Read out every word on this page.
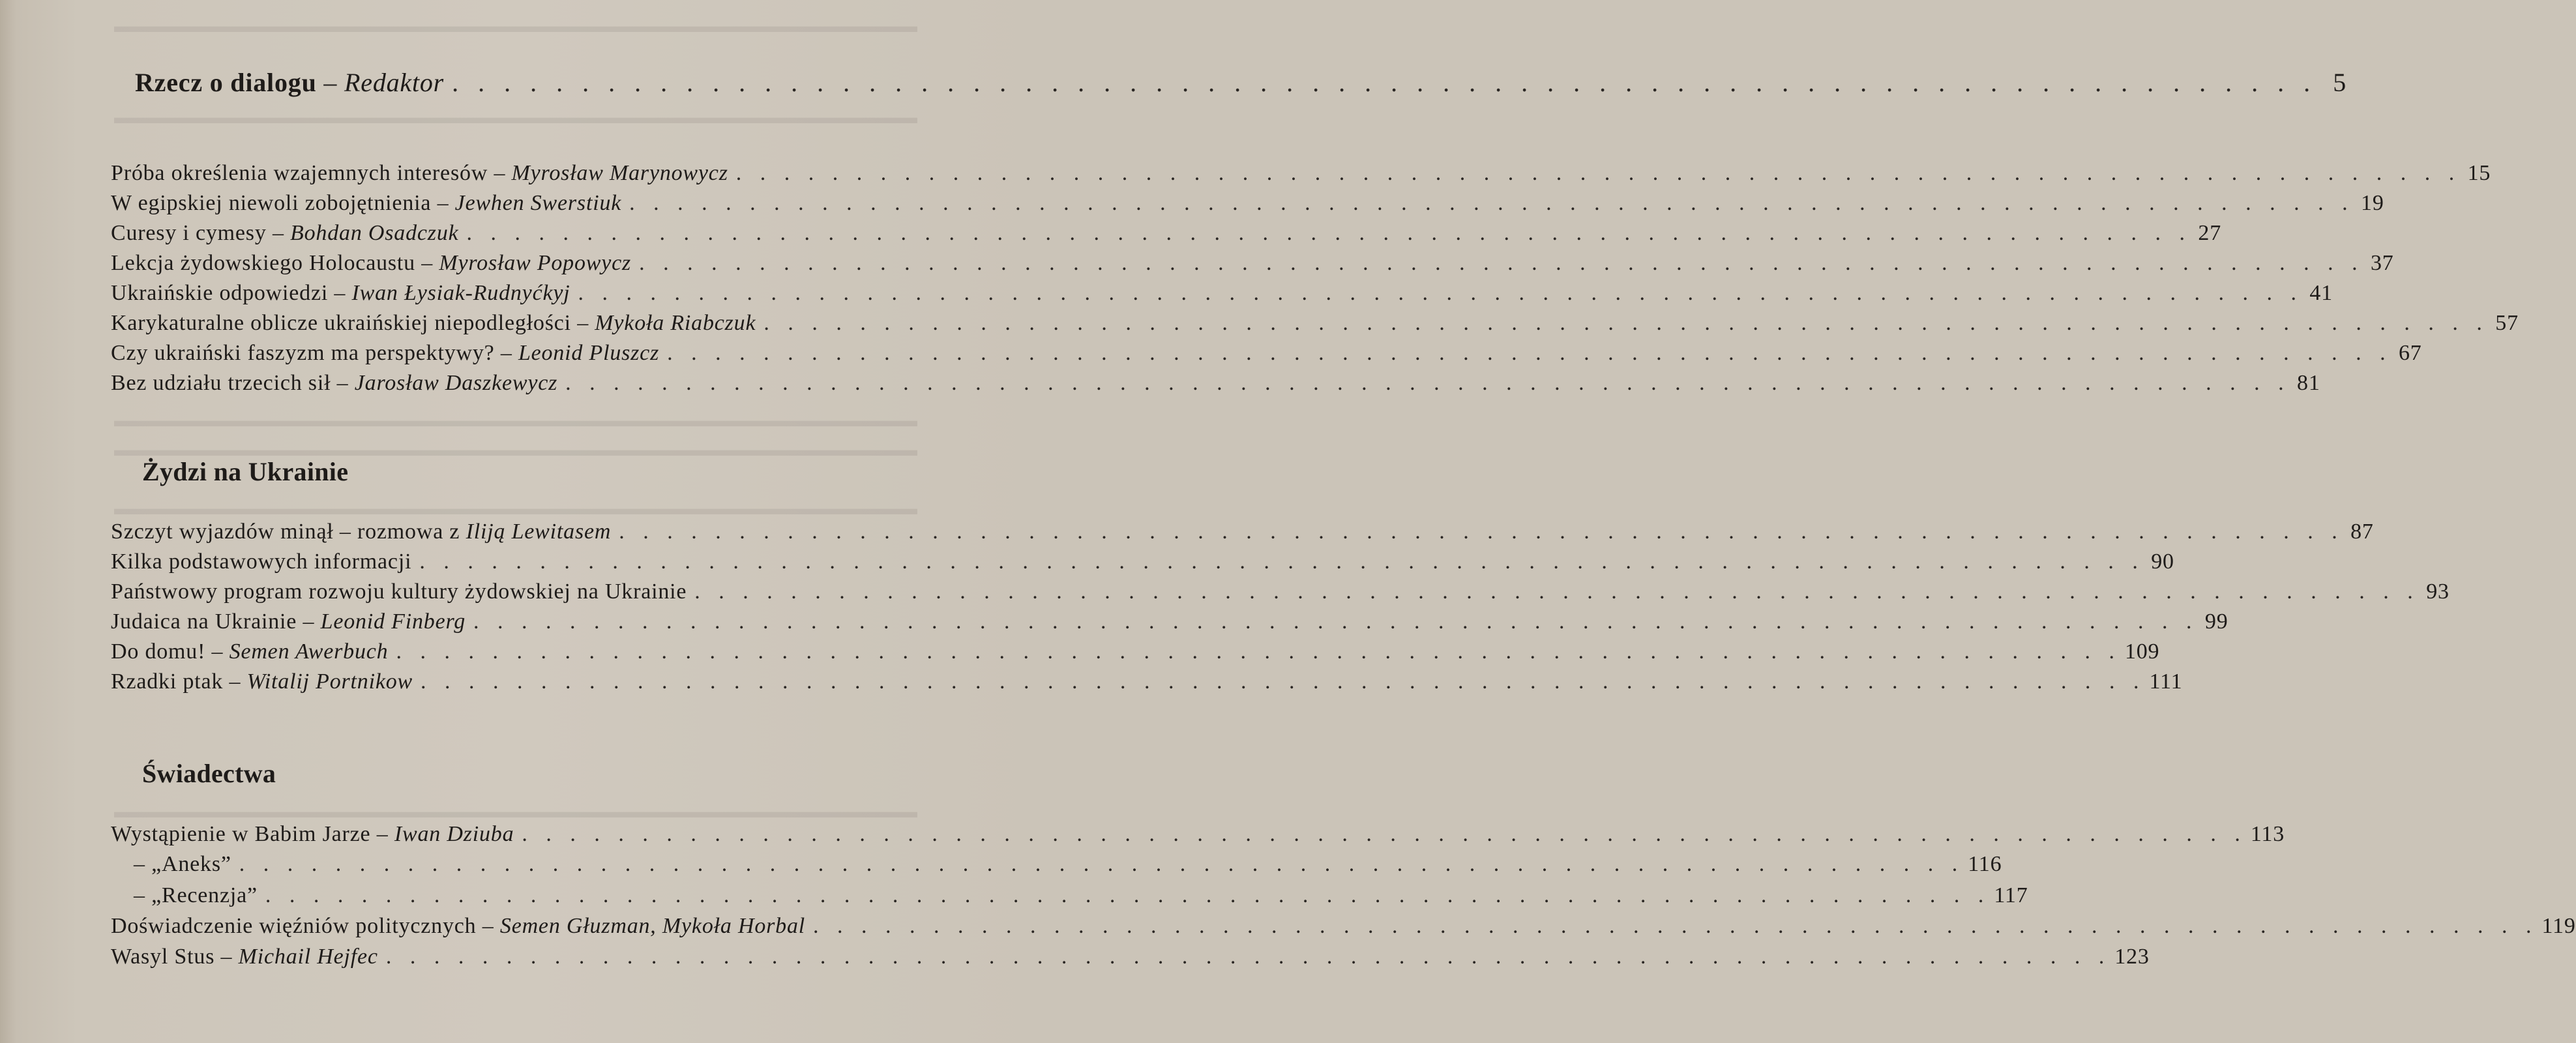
▬▬▬▬▬▬▬▬▬▬▬▬▬▬▬▬▬▬▬▬▬▬▬▬▬▬▬▬▬▬▬▬▬▬▬▬▬▬▬▬▬▬▬▬
▬▬▬▬▬▬▬▬▬▬▬▬▬▬▬▬▬▬▬▬▬▬▬▬▬▬▬▬▬▬▬▬▬▬▬▬▬▬▬▬▬▬▬▬
▬▬▬▬▬▬▬▬▬▬▬▬▬▬▬▬▬▬▬▬▬▬▬▬▬▬▬▬▬▬▬▬▬▬▬▬▬▬▬▬▬▬▬▬
▬▬▬▬▬▬▬▬▬▬▬▬▬▬▬▬▬▬▬▬▬▬▬▬▬▬▬▬▬▬▬▬▬▬▬▬▬▬▬▬▬▬▬▬
▬▬▬▬▬▬▬▬▬▬▬▬▬▬▬▬▬▬▬▬▬▬▬▬▬▬▬▬▬▬▬▬▬▬▬▬▬▬▬▬▬▬▬▬
▬▬▬▬▬▬▬▬▬▬▬▬▬▬▬▬▬▬▬▬▬▬▬▬▬▬▬▬▬▬▬▬▬▬▬▬▬▬▬▬▬▬▬▬
Rzecz o dialogu – Redaktor . . . . . . . . . . . . . . . . . . . . . . . . . . . . . . . . . . . . . . . . . . . . . . . . . . . . . . . . . . . . . . . . . . . . . . . . 5
Próba określenia wzajemnych interesów – Myrosław Marynowycz . . . . . . . . . . . . . . . . . . . . . . . . . . . . . . . . . . . . . . . . . . . . . . . . . . . . . . . . . . . . . . . . . . . . . . . . 15
W egipskiej niewoli zobojętnienia – Jewhen Swerstiuk . . . . . . . . . . . . . . . . . . . . . . . . . . . . . . . . . . . . . . . . . . . . . . . . . . . . . . . . . . . . . . . . . . . . . . . . 19
Curesy i cymesy – Bohdan Osadczuk . . . . . . . . . . . . . . . . . . . . . . . . . . . . . . . . . . . . . . . . . . . . . . . . . . . . . . . . . . . . . . . . . . . . . . . . 27
Lekcja żydowskiego Holocaustu – Myrosław Popowycz . . . . . . . . . . . . . . . . . . . . . . . . . . . . . . . . . . . . . . . . . . . . . . . . . . . . . . . . . . . . . . . . . . . . . . . . 37
Ukraińskie odpowiedzi – Iwan Łysiak-Rudnyćkyj . . . . . . . . . . . . . . . . . . . . . . . . . . . . . . . . . . . . . . . . . . . . . . . . . . . . . . . . . . . . . . . . . . . . . . . . 41
Karykaturalne oblicze ukraińskiej niepodległości – Mykoła Riabczuk . . . . . . . . . . . . . . . . . . . . . . . . . . . . . . . . . . . . . . . . . . . . . . . . . . . . . . . . . . . . . . . . . . . . . . . . 57
Czy ukraiński faszyzm ma perspektywy? – Leonid Pluszcz . . . . . . . . . . . . . . . . . . . . . . . . . . . . . . . . . . . . . . . . . . . . . . . . . . . . . . . . . . . . . . . . . . . . . . . . 67
Bez udziału trzecich sił – Jarosław Daszkewycz . . . . . . . . . . . . . . . . . . . . . . . . . . . . . . . . . . . . . . . . . . . . . . . . . . . . . . . . . . . . . . . . . . . . . . . . 81
Żydzi na Ukrainie
Szczyt wyjazdów minął – rozmowa z
Iliją Lewitasem . . . . . . . . . . . . . . . . . . . . . . . . . . . . . . . . . . . . . . . . . . . . . . . . . . . . . . . . . . . . . . . . . . . . . . . . 87
Kilka podstawowych informacji . . . . . . . . . . . . . . . . . . . . . . . . . . . . . . . . . . . . . . . . . . . . . . . . . . . . . . . . . . . . . . . . . . . . . . . . 90
Państwowy program rozwoju kultury żydowskiej na Ukrainie . . . . . . . . . . . . . . . . . . . . . . . . . . . . . . . . . . . . . . . . . . . . . . . . . . . . . . . . . . . . . . . . . . . . . . . . 93
Judaica na Ukrainie – Leonid Finberg . . . . . . . . . . . . . . . . . . . . . . . . . . . . . . . . . . . . . . . . . . . . . . . . . . . . . . . . . . . . . . . . . . . . . . . . 99
Do domu! – Semen Awerbuch . . . . . . . . . . . . . . . . . . . . . . . . . . . . . . . . . . . . . . . . . . . . . . . . . . . . . . . . . . . . . . . . . . . . . . . . 109
Rzadki ptak – Witalij Portnikow . . . . . . . . . . . . . . . . . . . . . . . . . . . . . . . . . . . . . . . . . . . . . . . . . . . . . . . . . . . . . . . . . . . . . . . . 111
Świadectwa
Wystąpienie w Babim Jarze – Iwan Dziuba . . . . . . . . . . . . . . . . . . . . . . . . . . . . . . . . . . . . . . . . . . . . . . . . . . . . . . . . . . . . . . . . . . . . . . . . 113
– „Aneks” . . . . . . . . . . . . . . . . . . . . . . . . . . . . . . . . . . . . . . . . . . . . . . . . . . . . . . . . . . . . . . . . . . . . . . . . 116
– „Recenzja” . . . . . . . . . . . . . . . . . . . . . . . . . . . . . . . . . . . . . . . . . . . . . . . . . . . . . . . . . . . . . . . . . . . . . . . . 117
Doświadczenie więźniów politycznych – Semen Głuzman, Mykoła Horbal . . . . . . . . . . . . . . . . . . . . . . . . . . . . . . . . . . . . . . . . . . . . . . . . . . . . . . . . . . . . . . . . . . . . . . . . 119
Wasyl Stus – Michail Hejfec . . . . . . . . . . . . . . . . . . . . . . . . . . . . . . . . . . . . . . . . . . . . . . . . . . . . . . . . . . . . . . . . . . . . . . . . 123
